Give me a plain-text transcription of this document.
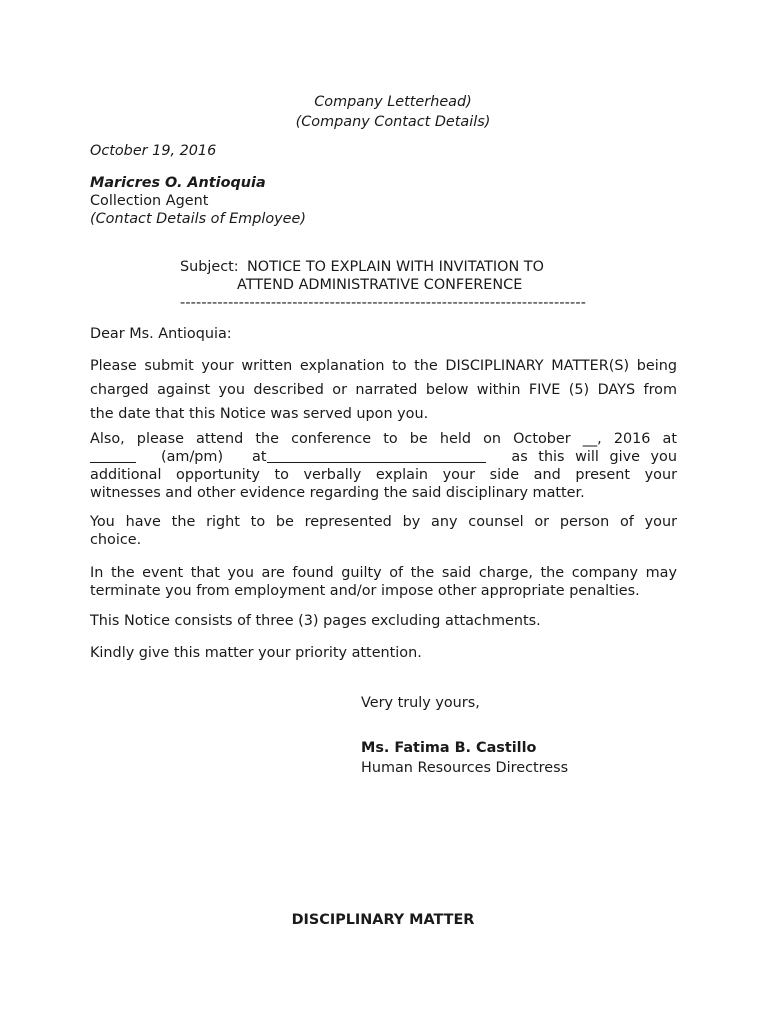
Company Letterhead)
(Company Contact Details)
October 19, 2016
Maricres O. Antioquia
Collection Agent
(Contact Details of Employee)
Subject: NOTICE TO EXPLAIN WITH INVITATION TO
ATTEND ADMINISTRATIVE CONFERENCE
----------------------------------------------------------------------------
Dear Ms. Antioquia:
Please submit your written explanation to the DISCIPLINARY MATTER(S) being
charged against you described or narrated below within FIVE (5) DAYS from
the date that this Notice was served upon you.
Also, please attend the conference to be held on October __, 2016 at
(am/pm) at	as this will give you
additional opportunity to verbally explain your side and present your
witnesses and other evidence regarding the said disciplinary matter.
You have the right to be represented by any counsel or person of your
choice.
In the event that you are found guilty of the said charge, the company may
terminate you from employment and/or impose other appropriate penalties.
This Notice consists of three (3) pages excluding attachments.
Kindly give this matter your priority attention.
Very truly yours,
Ms. Fatima B. Castillo
Human Resources Directress
DISCIPLINARY MATTER
